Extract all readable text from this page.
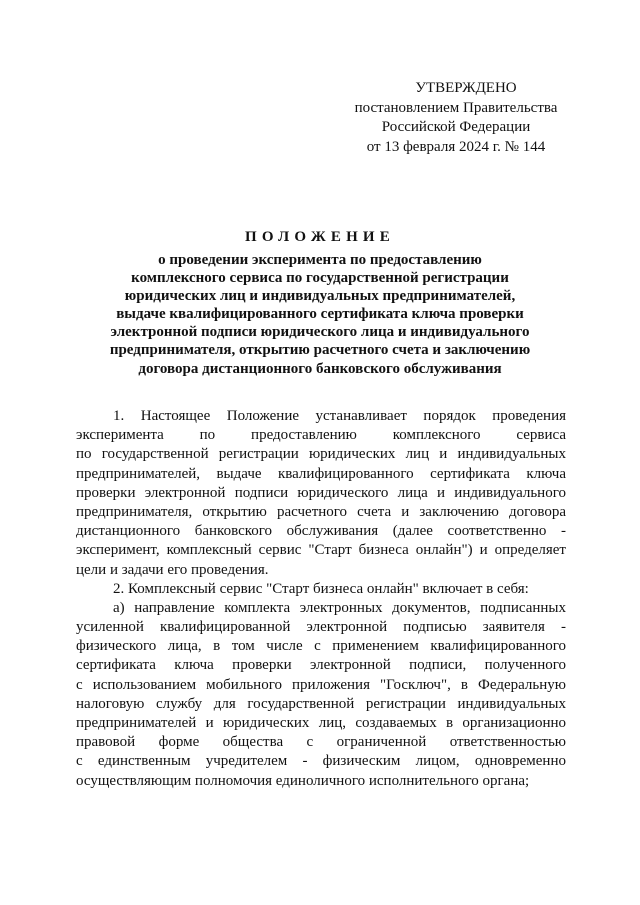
УТВЕРЖДЕНО
постановлением Правительства
Российской Федерации
от 13 февраля 2024 г. № 144
ПОЛОЖЕНИЕ
о проведении эксперимента по предоставлению
комплексного сервиса по государственной регистрации
юридических лиц и индивидуальных предпринимателей,
выдаче квалифицированного сертификата ключа проверки
электронной подписи юридического лица и индивидуального
предпринимателя, открытию расчетного счета и заключению
договора дистанционного банковского обслуживания
1. Настоящее Положение устанавливает порядок проведения
эксперимента по предоставлению комплексного сервиса
по государственной регистрации юридических лиц и индивидуальных
предпринимателей, выдаче квалифицированного сертификата ключа
проверки электронной подписи юридического лица и индивидуального
предпринимателя, открытию расчетного счета и заключению договора
дистанционного банковского обслуживания (далее соответственно -
эксперимент, комплексный сервис "Старт бизнеса онлайн") и определяет
цели и задачи его проведения.
2. Комплексный сервис "Старт бизнеса онлайн" включает в себя:
а) направление комплекта электронных документов, подписанных
усиленной квалифицированной электронной подписью заявителя -
физического лица, в том числе с применением квалифицированного
сертификата ключа проверки электронной подписи, полученного
с использованием мобильного приложения "Госключ", в Федеральную
налоговую службу для государственной регистрации индивидуальных
предпринимателей и юридических лиц, создаваемых в организационно
правовой форме общества с ограниченной ответственностью
с единственным учредителем - физическим лицом, одновременно
осуществляющим полномочия единоличного исполнительного органа;
